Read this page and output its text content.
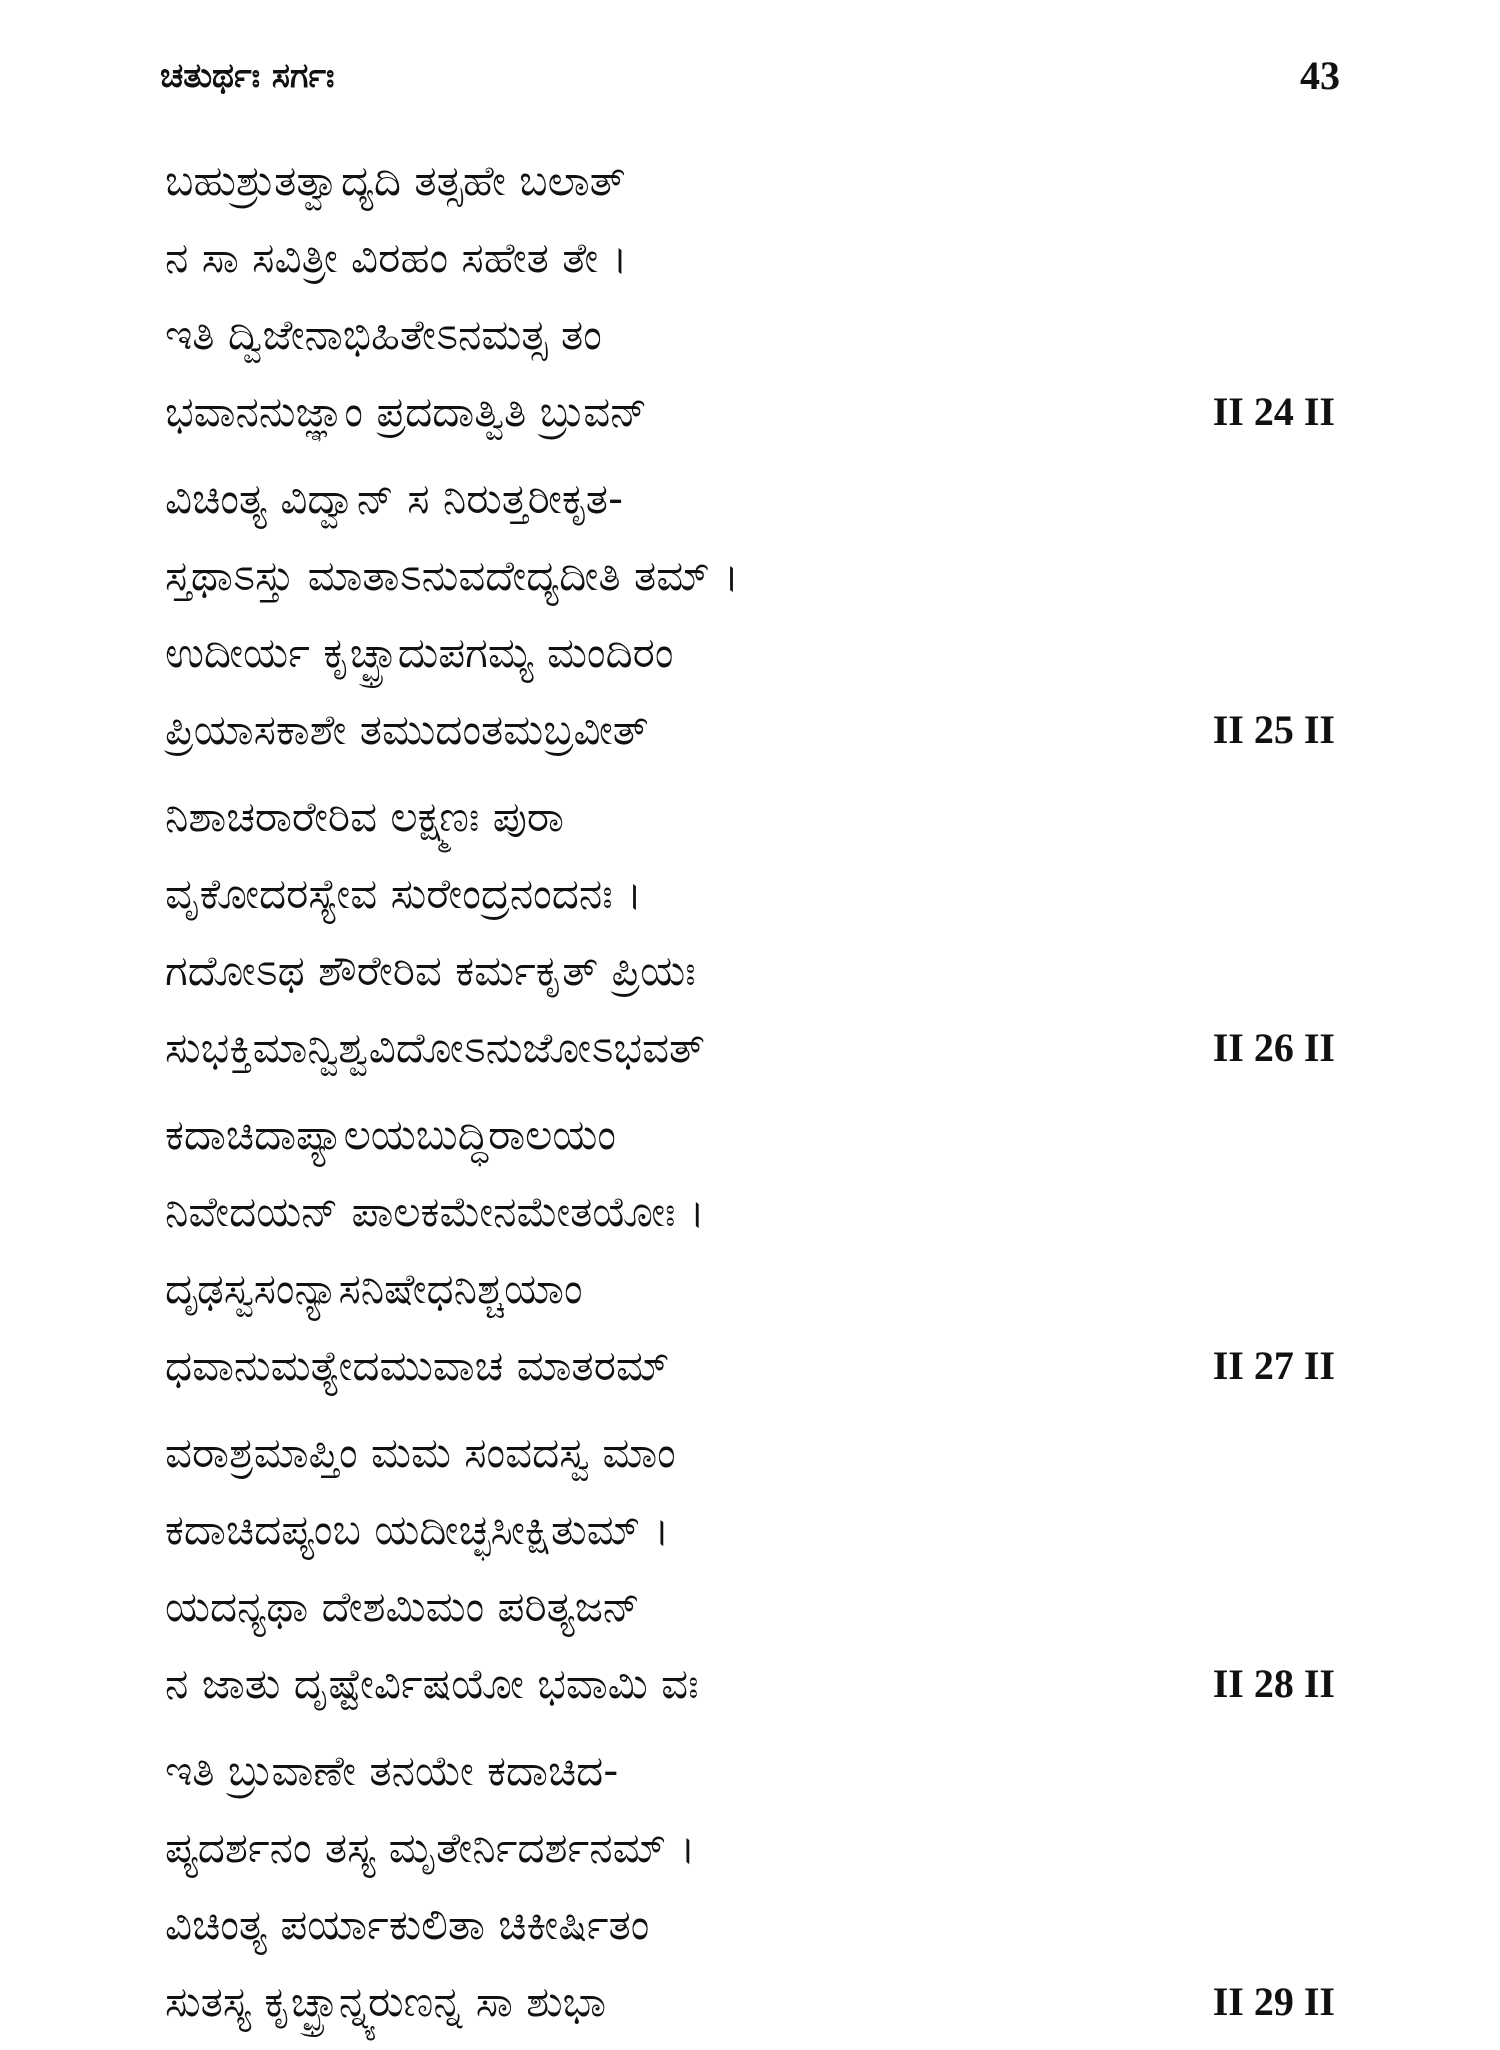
ಚತುರ್ಥಃ ಸರ್ಗಃ	43
ಬಹುಶ್ರುತತ್ವಾದ್ಯದಿ ತತ್ಸಹೇ ಬಲಾತ್
ನ ಸಾ ಸವಿತ್ರೀ ವಿರಹಂ ಸಹೇತ ತೇ ।
ಇತಿ ದ್ವಿಜೇನಾಭಿಹಿತೇಽನಮತ್ಸ ತಂ
ಭವಾನನುಜ್ಞಾಂ ಪ್ರದದಾತ್ವಿತಿ ಬ್ರುವನ್	II 24 II
ವಿಚಿಂತ್ಯ ವಿದ್ವಾನ್ ಸ ನಿರುತ್ತರೀಕೃತ-
ಸ್ತಥಾಽಸ್ತು ಮಾತಾಽನುವದೇದ್ಯದೀತಿ ತಮ್ ।
ಉದೀರ್ಯ ಕೃಚ್ಛ್ರಾದುಪಗಮ್ಯ ಮಂದಿರಂ
ಪ್ರಿಯಾಸಕಾಶೇ ತಮುದಂತಮಬ್ರವೀತ್	II 25 II
ನಿಶಾಚರಾರೇರಿವ ಲಕ್ಷ್ಮಣಃ ಪುರಾ
ವೃಕೋದರಸ್ಯೇವ ಸುರೇಂದ್ರನಂದನಃ ।
ಗದೋಽಥ ಶೌರೇರಿವ ಕರ್ಮಕೃತ್ ಪ್ರಿಯಃ
ಸುಭಕ್ತಿಮಾನ್ವಿಶ್ವವಿದೋಽನುಜೋಽಭವತ್	II 26 II
ಕದಾಚಿದಾಪ್ಯಾಲಯಬುದ್ಧಿರಾಲಯಂ
ನಿವೇದಯನ್ ಪಾಲಕಮೇನಮೇತಯೋಃ ।
ದೃಢಸ್ವಸಂನ್ಯಾಸನಿಷೇಧನಿಶ್ಚಯಾಂ
ಧವಾನುಮತ್ಯೇದಮುವಾಚ ಮಾತರಮ್	II 27 II
ವರಾಶ್ರಮಾಪ್ತಿಂ ಮಮ ಸಂವದಸ್ವ ಮಾಂ
ಕದಾಚಿದಪ್ಯಂಬ ಯದೀಚ್ಛಸೀಕ್ಷಿತುಮ್ ।
ಯದನ್ಯಥಾ ದೇಶಮಿಮಂ ಪರಿತ್ಯಜನ್
ನ ಜಾತು ದೃಷ್ಟೇರ್ವಿಷಯೋ ಭವಾಮಿ ವಃ	II 28 II
ಇತಿ ಬ್ರುವಾಣೇ ತನಯೇ ಕದಾಚಿದ-
ಪ್ಯದರ್ಶನಂ ತಸ್ಯ ಮೃತೇರ್ನಿದರ್ಶನಮ್ ।
ವಿಚಿಂತ್ಯ ಪರ್ಯಾಕುಲಿತಾ ಚಿಕೀರ್ಷಿತಂ
ಸುತಸ್ಯ ಕೃಚ್ಛ್ರಾನ್ನ್ಯರುಣನ್ನ ಸಾ ಶುಭಾ	II 29 II
